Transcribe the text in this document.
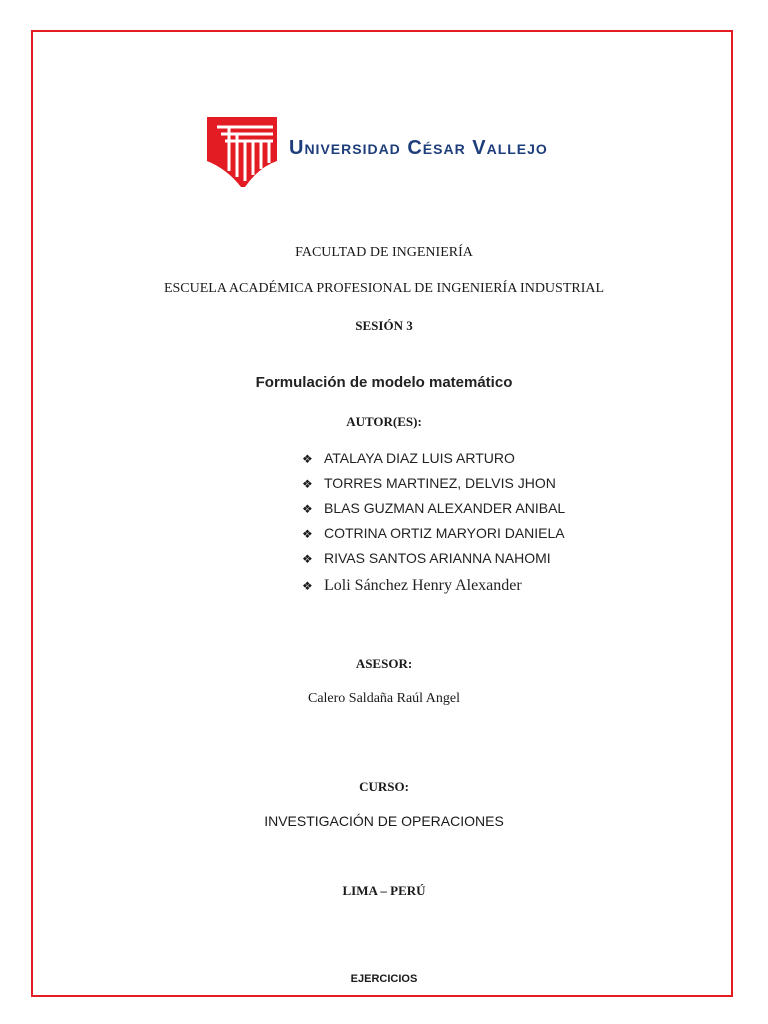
Universidad César Vallejo
FACULTAD DE INGENIERÍA
ESCUELA ACADÉMICA PROFESIONAL DE INGENIERÍA INDUSTRIAL
SESIÓN 3
Formulación de modelo matemático
AUTOR(ES):
❖ ATALAYA DIAZ LUIS ARTURO
❖ TORRES MARTINEZ, DELVIS JHON
❖ BLAS GUZMAN ALEXANDER ANIBAL
❖ COTRINA ORTIZ MARYORI DANIELA
❖ RIVAS SANTOS ARIANNA NAHOMI
❖ Loli Sánchez Henry Alexander
ASESOR:
Calero Saldaña Raúl Angel
CURSO:
INVESTIGACIÓN DE OPERACIONES
LIMA – PERÚ
EJERCICIOS
